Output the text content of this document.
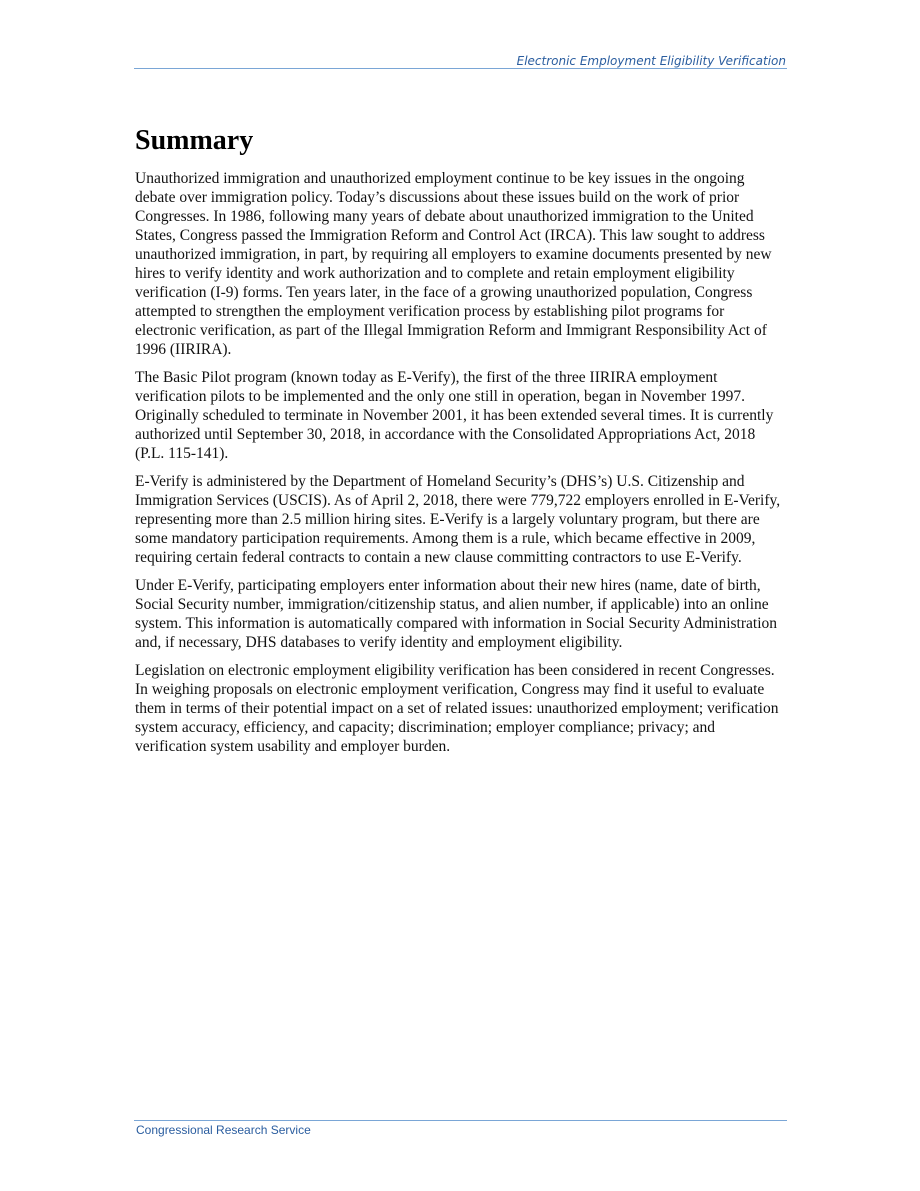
Electronic Employment Eligibility Verification
Summary

Unauthorized immigration and unauthorized employment continue to be key issues in the ongoing debate over immigration policy. Today’s discussions about these issues build on the work of prior Congresses. In 1986, following many years of debate about unauthorized immigration to the United States, Congress passed the Immigration Reform and Control Act (IRCA). This law sought to address unauthorized immigration, in part, by requiring all employers to examine documents presented by new hires to verify identity and work authorization and to complete and retain employment eligibility verification (I-9) forms. Ten years later, in the face of a growing unauthorized population, Congress attempted to strengthen the employment verification process by establishing pilot programs for electronic verification, as part of the Illegal Immigration Reform and Immigrant Responsibility Act of 1996 (IIRIRA).

The Basic Pilot program (known today as E-Verify), the first of the three IIRIRA employment verification pilots to be implemented and the only one still in operation, began in November 1997. Originally scheduled to terminate in November 2001, it has been extended several times. It is currently authorized until September 30, 2018, in accordance with the Consolidated Appropriations Act, 2018 (P.L. 115-141).

E-Verify is administered by the Department of Homeland Security’s (DHS’s) U.S. Citizenship and Immigration Services (USCIS). As of April 2, 2018, there were 779,722 employers enrolled in E-Verify, representing more than 2.5 million hiring sites. E-Verify is a largely voluntary program, but there are some mandatory participation requirements. Among them is a rule, which became effective in 2009, requiring certain federal contracts to contain a new clause committing contractors to use E-Verify.

Under E-Verify, participating employers enter information about their new hires (name, date of birth, Social Security number, immigration/citizenship status, and alien number, if applicable) into an online system. This information is automatically compared with information in Social Security Administration and, if necessary, DHS databases to verify identity and employment eligibility.

Legislation on electronic employment eligibility verification has been considered in recent Congresses. In weighing proposals on electronic employment verification, Congress may find it useful to evaluate them in terms of their potential impact on a set of related issues: unauthorized employment; verification system accuracy, efficiency, and capacity; discrimination; employer compliance; privacy; and verification system usability and employer burden.

Congressional Research Service
